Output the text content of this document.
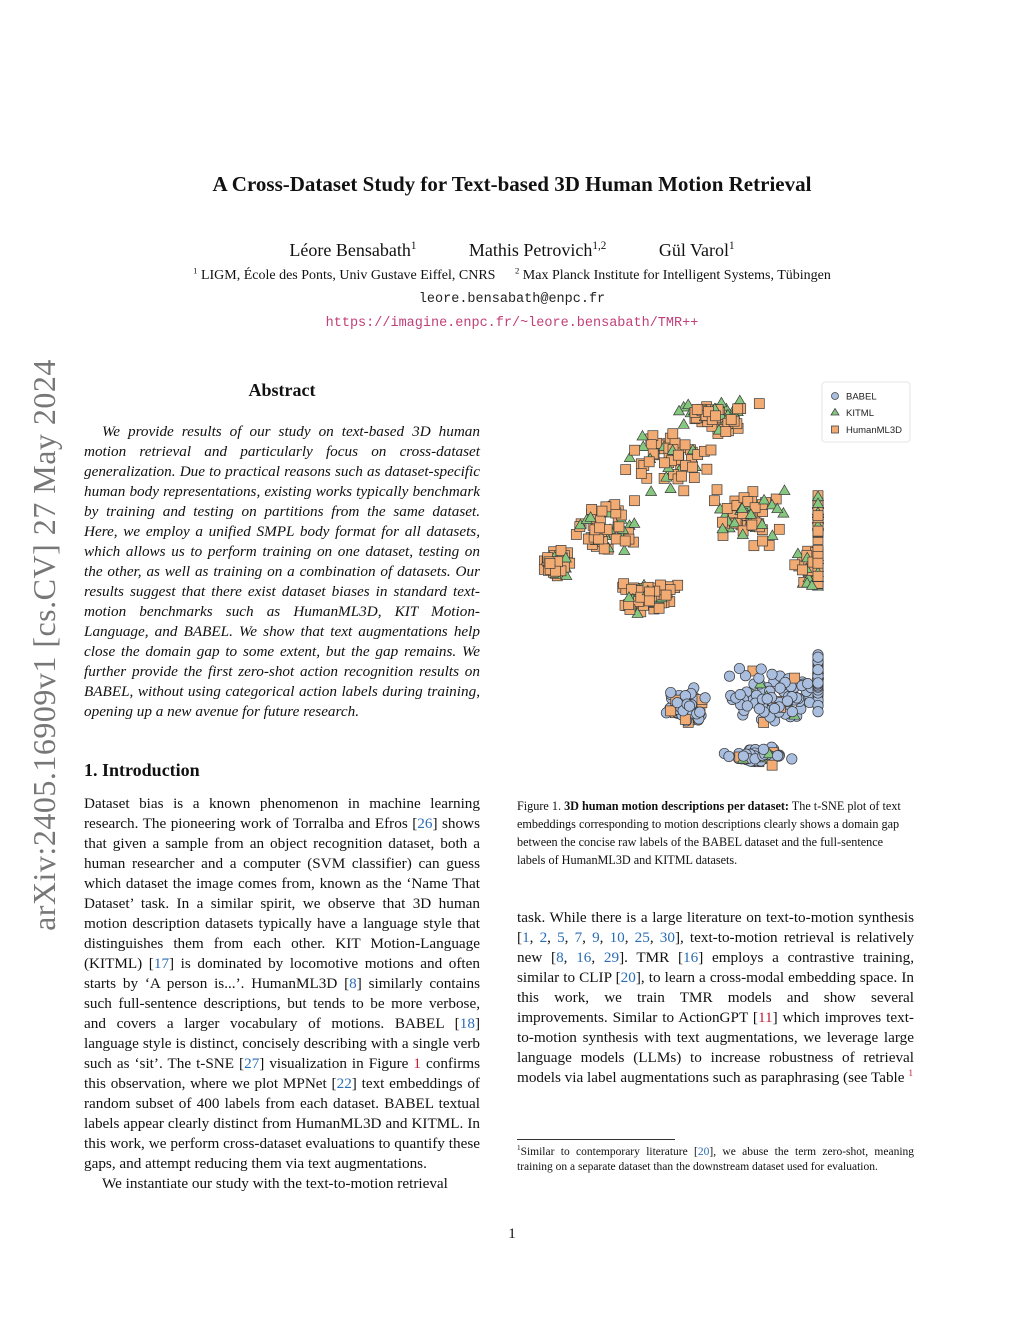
arXiv:2405.16909v1 [cs.CV] 27 May 2024
A Cross-Dataset Study for Text-based 3D Human Motion Retrieval
Léore Bensabath$^1$	Mathis Petrovich$^{1,2}$	Gül Varol$^1$
$^1$ LIGM, École des Ponts, Univ Gustave Eiffel, CNRS $^2$ Max Planck Institute for Intelligent Systems, Tübingen
leore.bensabath@enpc.fr
https://imagine.enpc.fr/~leore.bensabath/TMR++
Abstract
We provide results of our study on text-based 3D human motion retrieval and particularly focus on cross-dataset generalization. Due to practical reasons such as dataset-specific human body representations, existing works typically benchmark by training and testing on partitions from the same dataset. Here, we employ a unified SMPL body format for all datasets, which allows us to perform training on one dataset, testing on the other, as well as training on a combination of datasets. Our results suggest that there exist dataset biases in standard text-motion benchmarks such as HumanML3D, KIT Motion-Language, and BABEL. We show that text augmentations help close the domain gap to some extent, but the gap remains. We further provide the first zero-shot action recognition results on BABEL, without using categorical action labels during training, opening up a new avenue for future research.
1. Introduction

Dataset bias is a known phenomenon in machine learning research. The pioneering work of Torralba and Efros [26] shows that given a sample from an object recognition dataset, both a human researcher and a computer (SVM classifier) can guess which dataset the image comes from, known as the ‘Name That Dataset’ task. In a similar spirit, we observe that 3D human motion description datasets typically have a language style that distinguishes them from each other. KIT Motion-Language (KITML) [17] is dominated by locomotive motions and often starts by ‘A person is...’. HumanML3D [8] similarly contains such full-sentence descriptions, but tends to be more verbose, and covers a larger vocabulary of motions. BABEL [18] language style is distinct, concisely describing with a single verb such as ‘sit’. The t-SNE [27] visualization in Figure 1 confirms this observation, where we plot MPNet [22] text embeddings of random subset of 400 labels from each dataset. BABEL textual labels appear clearly distinct from HumanML3D and KITML. In this work, we perform cross-dataset evaluations to quantify these gaps, and attempt reducing them via text augmentations.

We instantiate our study with the text-to-motion retrieval

BABEL
KITML
HumanML3D
Figure 1. 3D human motion descriptions per dataset: The t-SNE plot of text embeddings corresponding to motion descriptions clearly shows a domain gap between the concise raw labels of the BABEL dataset and the full-sentence labels of HumanML3D and KITML datasets.
task. While there is a large literature on text-to-motion synthesis [1, 2, 5, 7, 9, 10, 25, 30], text-to-motion retrieval is relatively new [8, 16, 29]. TMR [16] employs a contrastive training, similar to CLIP [20], to learn a cross-modal embedding space. In this work, we train TMR models and show several improvements. Similar to ActionGPT [11] which improves text-to-motion synthesis with text augmentations, we leverage large language models (LLMs) to increase robustness of retrieval models via label augmentations such as paraphrasing (see Table $^1$
$^1$Similar to contemporary literature [20], we abuse the term zero-shot, meaning training on a separate dataset than the downstream dataset used for evaluation.
1
